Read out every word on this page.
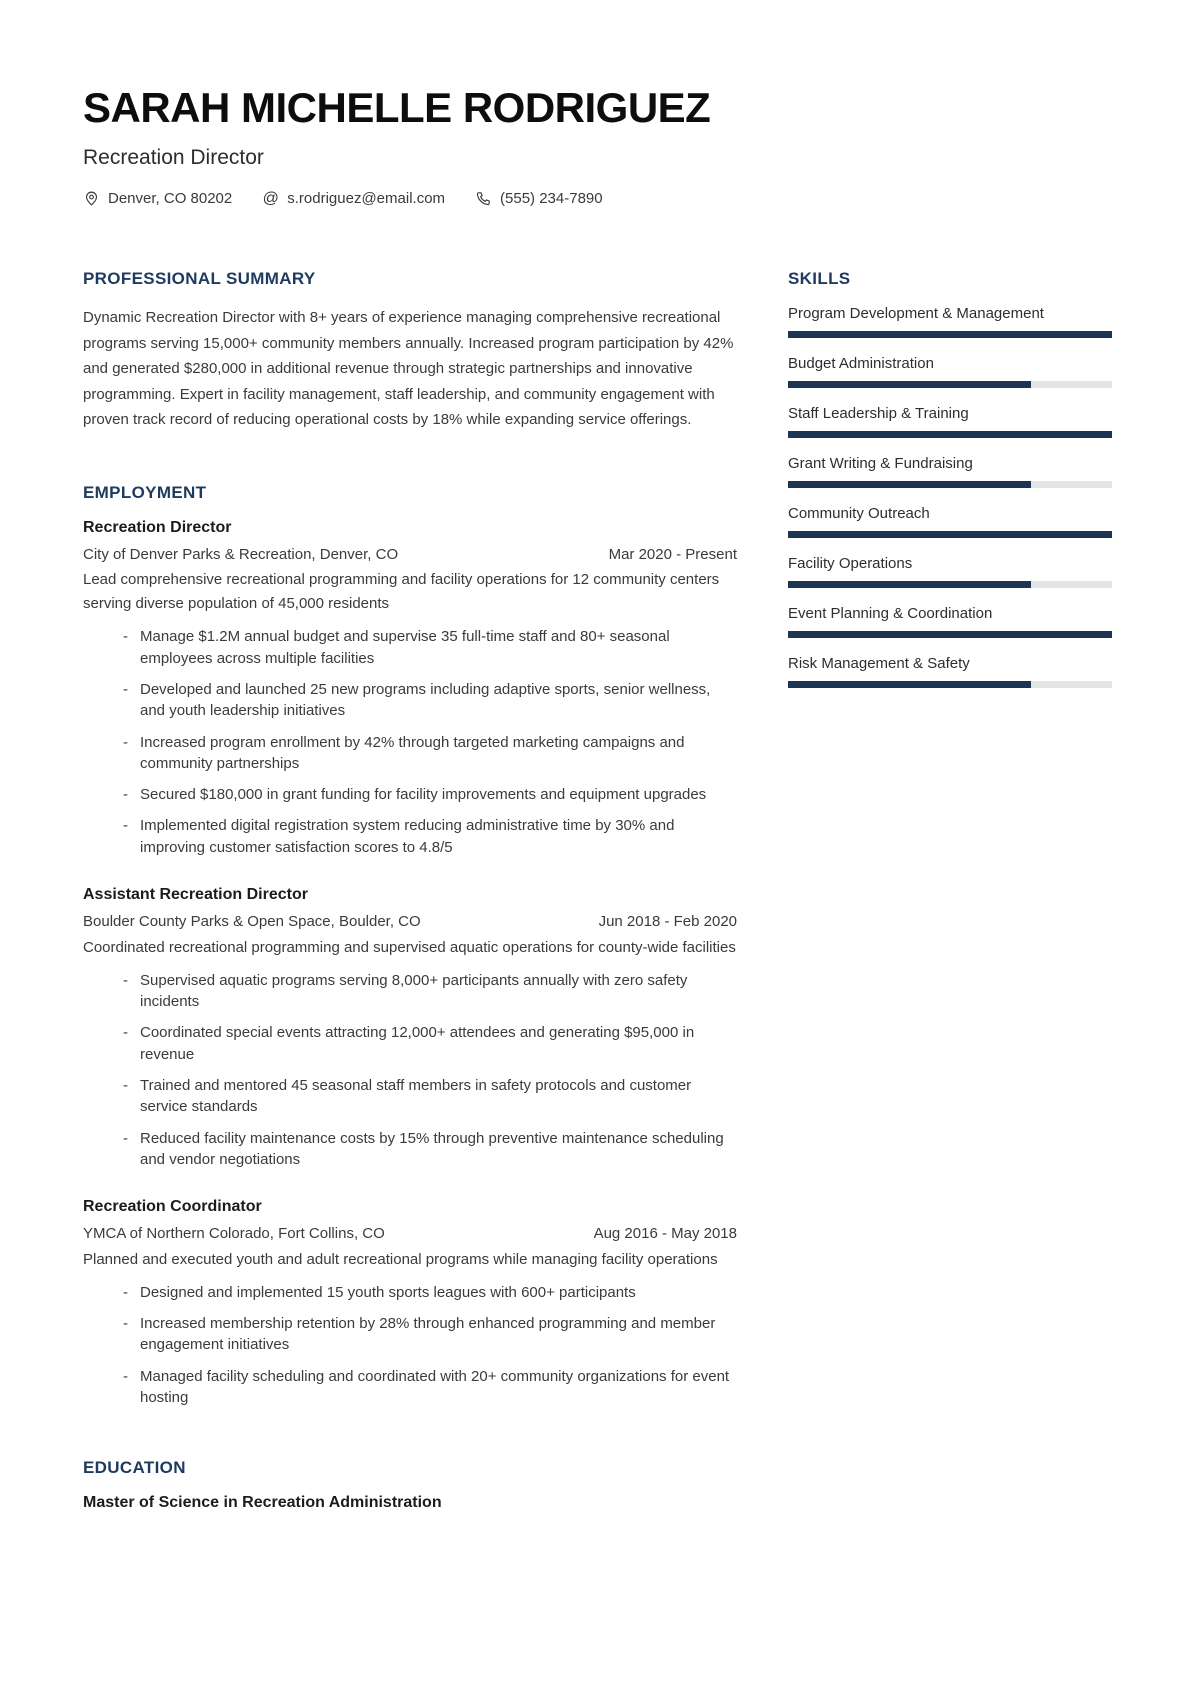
SARAH MICHELLE RODRIGUEZ
Recreation Director
Denver, CO 80202 @ s.rodriguez@email.com	(555) 234-7890
PROFESSIONAL SUMMARY

Dynamic Recreation Director with 8+ years of experience managing comprehensive recreational programs serving 15,000+ community members annually. Increased program participation by 42% and generated $280,000 in additional revenue through strategic partnerships and innovative programming. Expert in facility management, staff leadership, and community engagement with proven track record of reducing operational costs by 18% while expanding service offerings.

EMPLOYMENT
Recreation Director
City of Denver Parks & Recreation, Denver, CO	Mar 2020 - Present

Lead comprehensive recreational programming and facility operations for 12 community centers serving diverse population of 45,000 residents

- Manage $1.2M annual budget and supervise 35 full-time staff and 80+ seasonal employees across multiple facilities
- Developed and launched 25 new programs including adaptive sports, senior wellness, and youth leadership initiatives
- Increased program enrollment by 42% through targeted marketing campaigns and community partnerships
- Secured $180,000 in grant funding for facility improvements and equipment upgrades
- Implemented digital registration system reducing administrative time by 30% and improving customer satisfaction scores to 4.8/5
Assistant Recreation Director
Boulder County Parks & Open Space, Boulder, CO	Jun 2018 - Feb 2020

Coordinated recreational programming and supervised aquatic operations for county-wide facilities

- Supervised aquatic programs serving 8,000+ participants annually with zero safety incidents
- Coordinated special events attracting 12,000+ attendees and generating $95,000 in revenue
- Trained and mentored 45 seasonal staff members in safety protocols and customer service standards
- Reduced facility maintenance costs by 15% through preventive maintenance scheduling and vendor negotiations
Recreation Coordinator
YMCA of Northern Colorado, Fort Collins, CO	Aug 2016 - May 2018

Planned and executed youth and adult recreational programs while managing facility operations

- Designed and implemented 15 youth sports leagues with 600+ participants
- Increased membership retention by 28% through enhanced programming and member engagement initiatives
- Managed facility scheduling and coordinated with 20+ community organizations for event hosting
EDUCATION

Master of Science in Recreation Administration

SKILLS
Program Development & Management
Budget Administration
Staff Leadership & Training
Grant Writing & Fundraising
Community Outreach
Facility Operations
Event Planning & Coordination
Risk Management & Safety
